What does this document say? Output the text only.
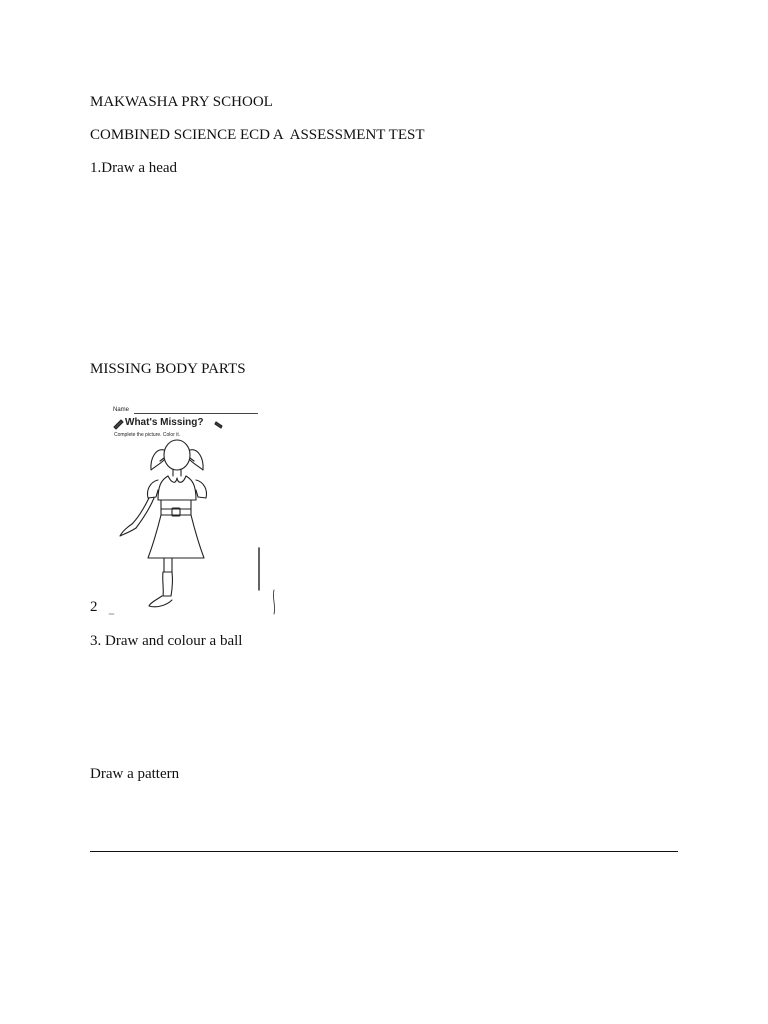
MAKWASHA PRY SCHOOL
COMBINED SCIENCE ECD A  ASSESSMENT TEST
1.Draw a head
MISSING BODY PARTS
2
3. Draw and colour a ball
Draw a pattern
Name
What's Missing?
Complete the picture. Color it.
